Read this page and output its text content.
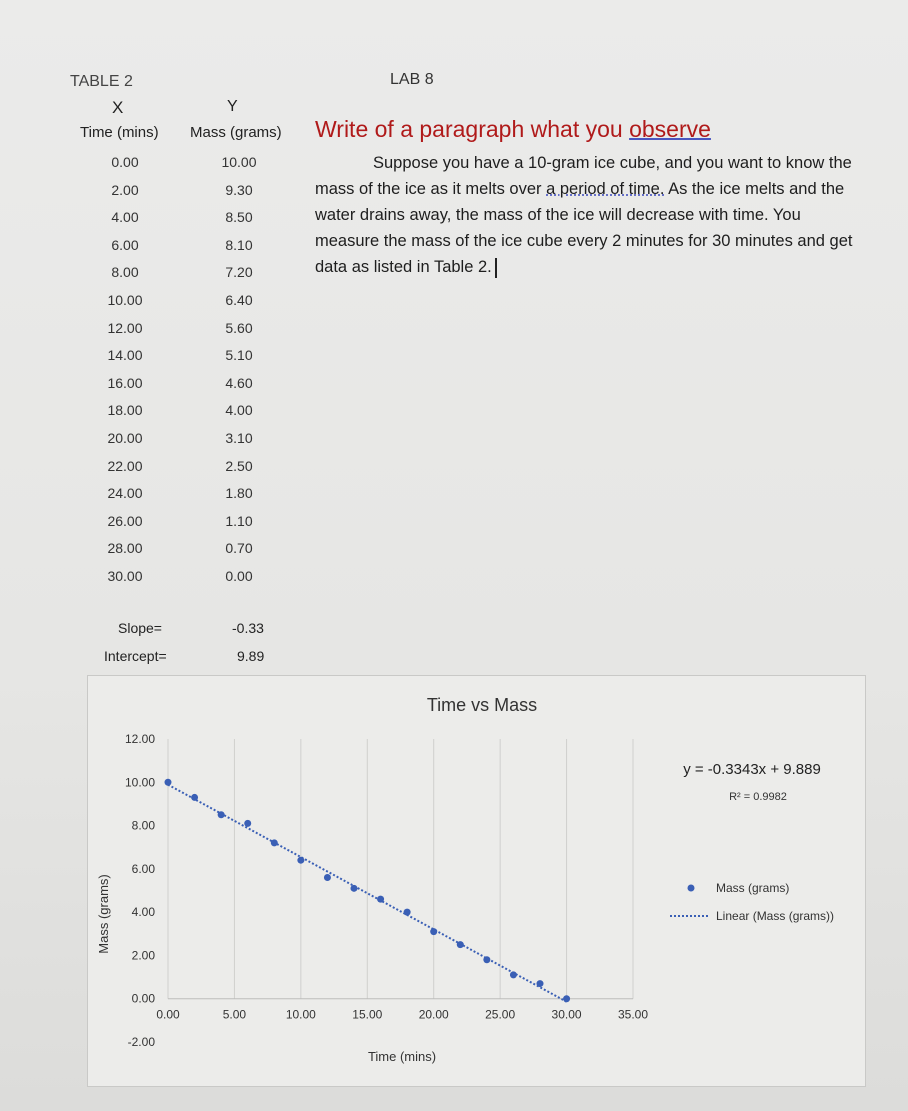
TABLE 2
X	Y
Time (mins) Mass (grams)
0.00	10.00
2.00	9.30
4.00	8.50
6.00	8.10
8.00	7.20
10.00	6.40
12.00	5.60
14.00	5.10
16.00	4.60
18.00	4.00
20.00	3.10
22.00	2.50
24.00	1.80
26.00	1.10
28.00	0.70
30.00	0.00
Slope=	-0.33
Intercept=	9.89
LAB 8
Write of a paragraph what you observe
Suppose you have a 10-gram ice cube, and you want to know the mass of the ice as it melts over a period of time. As the ice melts and the water drains away, the mass of the ice will decrease with time. You measure the mass of the ice cube every 2 minutes for 30 minutes and get data as listed in Table 2.
Time vs Mass
12.00
10.00
8.00
6.00
4.00
2.00
0.00
-2.00
0.00	5.00	10.00	15.00	20.00	25.00	30.00	35.00
Time (mins)
Mass (grams)
y = -0.3343x + 9.889
R² = 0.9982
Mass (grams)
Linear (Mass (grams))
